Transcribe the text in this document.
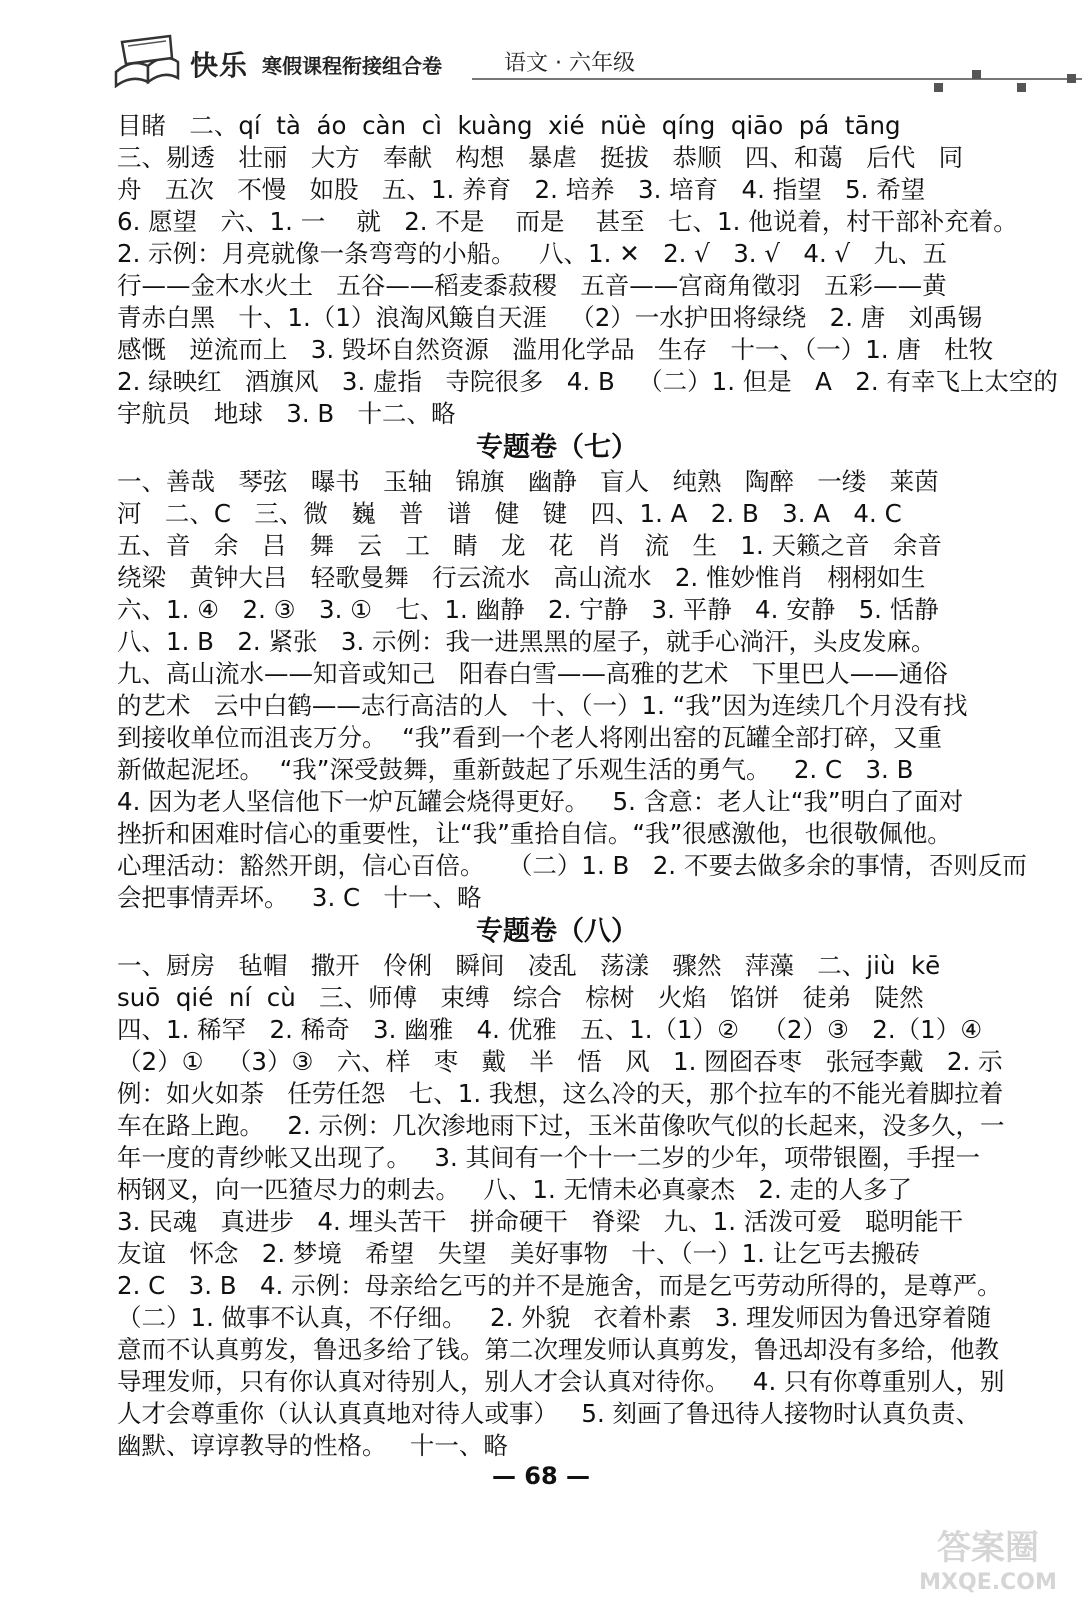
快乐 寒假课程衔接组合卷	语文 · 六年级
目睹   二、qí  tà  áo  càn  cì  kuàng  xié  nüè  qíng  qiāo  pá  tāng
三、剔透   壮丽   大方   奉献   构想   暴虐   挺拔   恭顺   四、和蔼   后代   同
舟   五次   不慢   如股   五、1. 养育   2. 培养   3. 培育   4. 指望   5. 希望
6. 愿望   六、1. 一    就   2. 不是    而是    甚至   七、1. 他说着，村干部补充着。
2. 示例：月亮就像一条弯弯的小船。   八、1. ✕   2. √   3. √   4. √   九、五
行——金木水火土   五谷——稻麦黍菽稷   五音——宫商角徵羽   五彩——黄
青赤白黑   十、1.（1）浪淘风簸自天涯   （2）一水护田将绿绕   2. 唐   刘禹锡
感慨   逆流而上   3. 毁坏自然资源   滥用化学品   生存   十一、（一）1. 唐   杜牧
2. 绿映红   酒旗风   3. 虚指   寺院很多   4. B   （二）1. 但是   A   2. 有幸飞上太空的
宇航员   地球   3. B   十二、略
专题卷（七）
一、善哉   琴弦   曝书   玉轴   锦旗   幽静   盲人   纯熟   陶醉   一缕   莱茵
河   二、C   三、微   巍   普   谱   健   键   四、1. A   2. B   3. A   4. C
五、音   余   吕   舞   云   工   睛   龙   花   肖   流   生   1. 天籁之音   余音
绕梁   黄钟大吕   轻歌曼舞   行云流水   高山流水   2. 惟妙惟肖   栩栩如生
六、1. ④   2. ③   3. ①   七、1. 幽静   2. 宁静   3. 平静   4. 安静   5. 恬静
八、1. B   2. 紧张   3. 示例：我一进黑黑的屋子，就手心淌汗，头皮发麻。
九、高山流水——知音或知己   阳春白雪——高雅的艺术   下里巴人——通俗
的艺术   云中白鹤——志行高洁的人   十、（一）1. “我”因为连续几个月没有找
到接收单位而沮丧万分。  “我”看到一个老人将刚出窑的瓦罐全部打碎，又重
新做起泥坯。  “我”深受鼓舞，重新鼓起了乐观生活的勇气。   2. C   3. B
4. 因为老人坚信他下一炉瓦罐会烧得更好。   5. 含意：老人让“我”明白了面对
挫折和困难时信心的重要性，让“我”重拾自信。“我”很感激他，也很敬佩他。
心理活动：豁然开朗，信心百倍。   （二）1. B   2. 不要去做多余的事情，否则反而
会把事情弄坏。   3. C   十一、略
专题卷（八）
一、厨房   毡帽   撒开   伶俐   瞬间   凌乱   荡漾   骤然   萍藻   二、jiù  kē
suō  qié  ní  cù   三、师傅   束缚   综合   棕树   火焰   馅饼   徒弟   陡然
四、1. 稀罕   2. 稀奇   3. 幽雅   4. 优雅   五、1.（1）②   （2）③   2.（1）④
（2）①   （3）③   六、样   枣   戴   半   悟   风   1. 囫囵吞枣   张冠李戴   2. 示
例：如火如荼   任劳任怨   七、1. 我想，这么冷的天，那个拉车的不能光着脚拉着
车在路上跑。   2. 示例：几次渗地雨下过，玉米苗像吹气似的长起来，没多久，一
年一度的青纱帐又出现了。   3. 其间有一个十一二岁的少年，项带银圈，手捏一
柄钢叉，向一匹猹尽力的刺去。   八、1. 无情未必真豪杰   2. 走的人多了
3. 民魂   真进步   4. 埋头苦干   拼命硬干   脊梁   九、1. 活泼可爱   聪明能干
友谊   怀念   2. 梦境   希望   失望   美好事物   十、（一）1. 让乞丐去搬砖
2. C   3. B   4. 示例：母亲给乞丐的并不是施舍，而是乞丐劳动所得的，是尊严。
（二）1. 做事不认真，不仔细。   2. 外貌   衣着朴素   3. 理发师因为鲁迅穿着随
意而不认真剪发，鲁迅多给了钱。第二次理发师认真剪发，鲁迅却没有多给，他教
导理发师，只有你认真对待别人，别人才会认真对待你。   4. 只有你尊重别人，别
人才会尊重你（认认真真地对待人或事）   5. 刻画了鲁迅待人接物时认真负责、
幽默、谆谆教导的性格。   十一、略
— 68 —
答案圈
MXQE.COM
